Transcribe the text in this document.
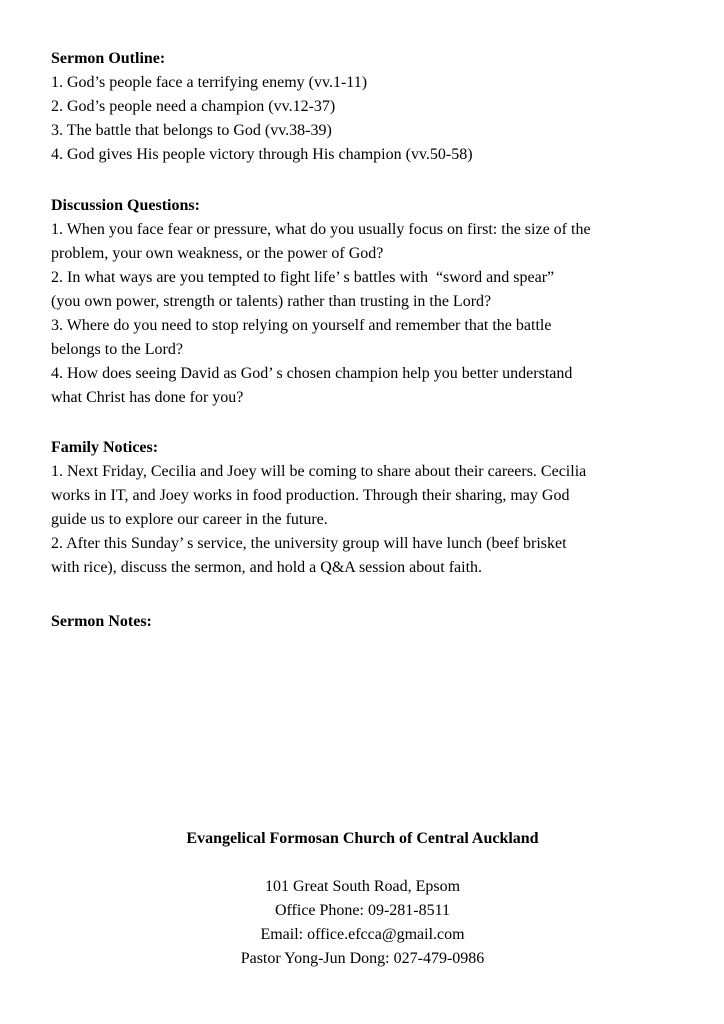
Sermon Outline:
1. God’s people face a terrifying enemy (vv.1-11)
2. God’s people need a champion (vv.12-37)
3. The battle that belongs to God (vv.38-39)
4. God gives His people victory through His champion (vv.50-58)
Discussion Questions:
1. When you face fear or pressure, what do you usually focus on first: the size of the
problem, your own weakness, or the power of God?
2. In what ways are you tempted to fight life’ s battles with  “sword and spear”
(you own power, strength or talents) rather than trusting in the Lord?
3. Where do you need to stop relying on yourself and remember that the battle
belongs to the Lord?
4. How does seeing David as God’ s chosen champion help you better understand
what Christ has done for you?
Family Notices:
1. Next Friday, Cecilia and Joey will be coming to share about their careers. Cecilia
works in IT, and Joey works in food production. Through their sharing, may God
guide us to explore our career in the future.
2. After this Sunday’ s service, the university group will have lunch (beef brisket
with rice), discuss the sermon, and hold a Q&A session about faith.
Sermon Notes:
Evangelical Formosan Church of Central Auckland
101 Great South Road, Epsom
Office Phone: 09-281-8511
Email: office.efcca@gmail.com
Pastor Yong-Jun Dong: 027-479-0986
